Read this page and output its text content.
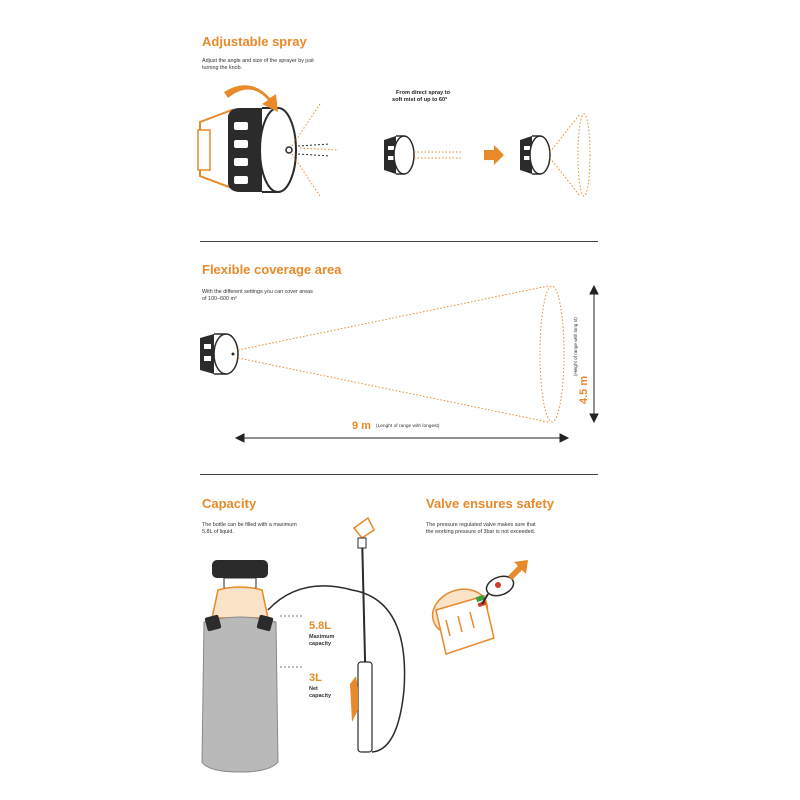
Adjustable spray
Adjust the angle and size of the sprayer by just
turning the knob.
From direct spray to
soft mist of up to 60°
4.5 m
(Height of range with long st)
Flexible coverage area
With the different settings you can cover areas
of 100–600 m²
9 m (Lenght of range with longest)
Capacity
The bottle can be filled with a maximum
5.8L of liquid.
5.8L
Maximum
capacity
3L
Net
capacity
Valve ensures safety
The pressure regulated valve makes sure that
the working pressure of 3bar is not exceeded.
